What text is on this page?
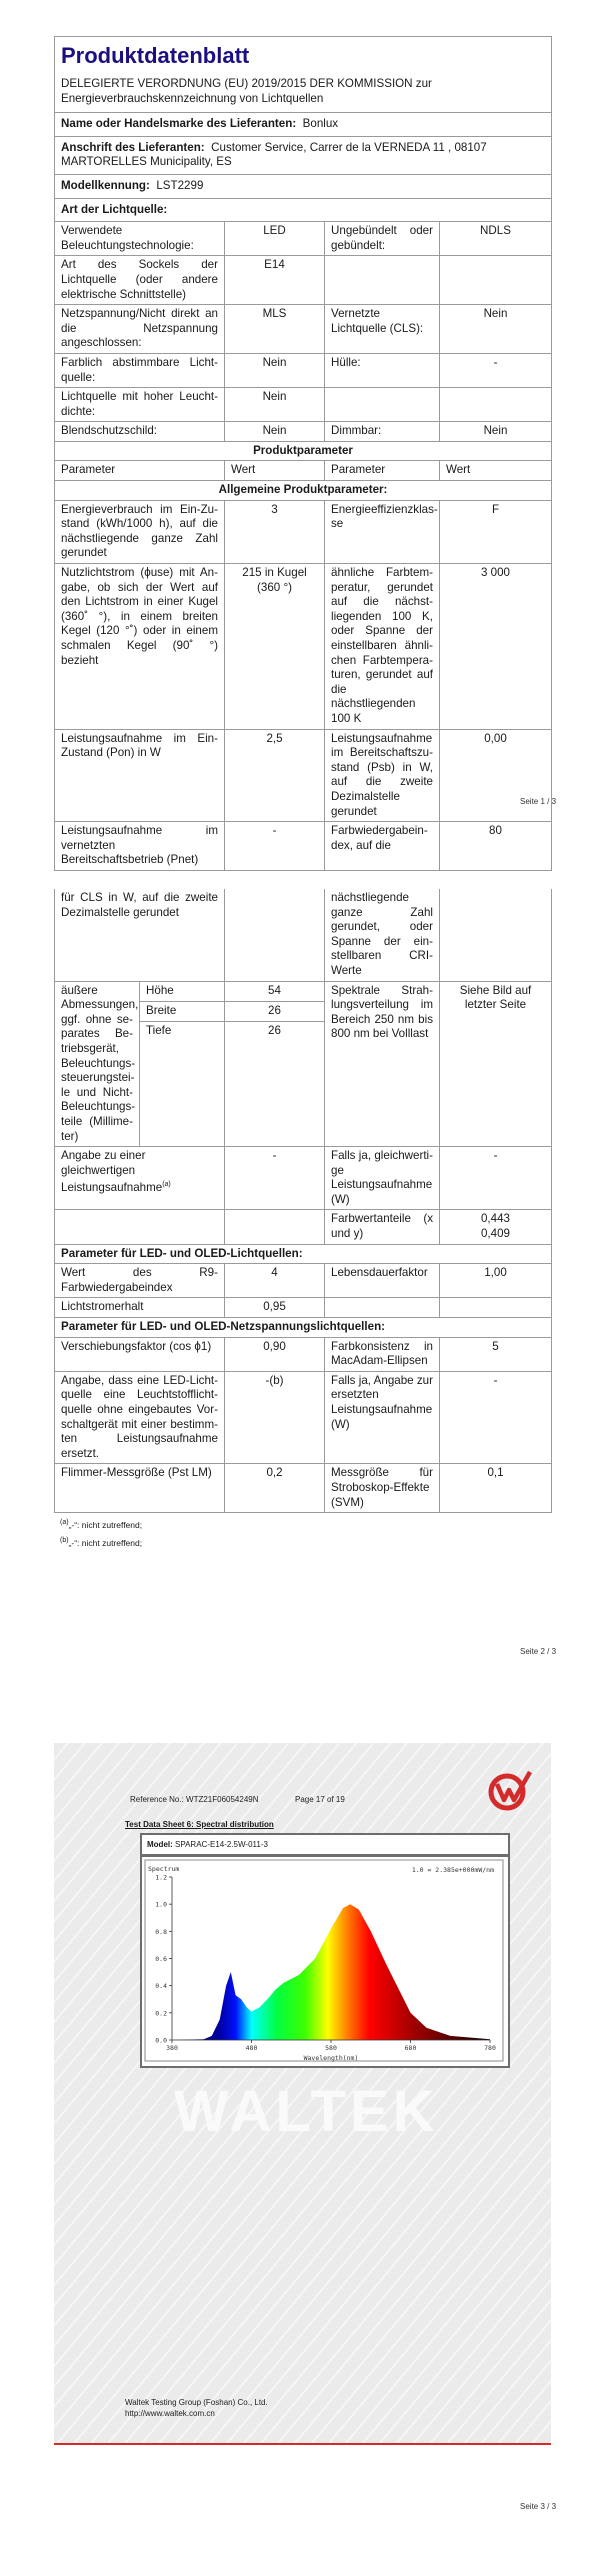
Produktdatenblatt
DELEGIERTE VERORDNUNG (EU) 2019/2015 DER KOMMISSION zur Energieverbrauchskennzeichnung von Lichtquellen			

Name oder Handelsmarke des Lieferanten: Bonlux			
Anschrift des Lieferanten: Customer Service, Carrer de la VERNEDA 11 , 08107 MARTORELLES Municipality, ES			
Modellkennung: LST2299			
Art der Lichtquelle:			
Verwendete Beleuchtungstechnologie:	LED	Ungebündelt oder gebündelt:	NDLS
Art des Sockels der Lichtquelle (oder andere elektrische Schnittstelle)	E14		
Netzspannung/Nicht direkt an die Netzspannung angeschlossen:	MLS	Vernetzte Lichtquelle (CLS):	Nein
Farblich abstimmbare Lichtquelle:	Nein	Hülle:	-
Lichtquelle mit hoher Leuchtdichte:	Nein		
Blendschutzschild:	Nein	Dimmbar:	Nein
Produktparameter			
Parameter	Wert	Parameter	Wert
Allgemeine Produktparameter:			
Energieverbrauch im Ein-Zustand (kWh/1000 h), auf die nächstliegende ganze Zahl gerundet	3	Energieeffizienzklasse	F
Nutzlichtstrom (ϕuse) mit Angabe, ob sich der Wert auf den Lichtstrom in einer Kugel (360˚ °), in einem breiten Kegel (120 °˚) oder in einem schmalen Kegel (90˚ °) bezieht	215 in Kugel (360 °)	ähnliche Farbtemperatur, gerundet auf die nächstliegenden 100 K, oder Spanne der einstellbaren ähnlichen Farbtemperaturen, gerundet auf die nächstliegenden 100 K	3 000
Leistungsaufnahme im Ein-Zustand (Pon) in W	2,5	Leistungsaufnahme im Bereitschaftszustand (Psb) in W, auf die zweite Dezimalstelle gerundet	0,00
Leistungsaufnahme im vernetzten Bereitschaftsbetrieb (Pnet)	-	Farbwiedergabeindex, auf die	80
Seite 1 / 3
für CLS in W, auf die zweite Dezimalstelle gerundet			nächstliegende ganze Zahl gerundet, oder Spanne der einstellbaren CRI-Werte	
äußere Abmessungen, ggf. ohne separates Betriebsgerät, Beleuchtungssteuerungsteile und Nicht-Beleuchtungsteile (Millimeter)	Höhe	54	Spektrale Strahlungsverteilung im Bereich 250 nm bis 800 nm bei Volllast	Siehe Bild auf letzter Seite
	Breite	26		
	Tiefe	26		
Angabe zu einer gleichwertigen Leistungsaufnahme$^{(a)}$		-	Falls ja, gleichwertige Leistungsaufnahme (W)	-
			Farbwertanteile (x und y)	0,443
0,409

Parameter für LED- und OLED-Lichtquellen:				
Wert des R9-Farbwiedergabeindex		4	Lebensdauerfaktor	1,00
Lichtstromerhalt		0,95		
Parameter für LED- und OLED-Netzspannungslichtquellen:				
Verschiebungsfaktor (cos ϕ1)		0,90	Farbkonsistenz in MacAdam-Ellipsen	5
Angabe, dass eine LED-Lichtquelle eine Leuchtstofflichtquelle ohne eingebautes Vorschaltgerät mit einer bestimmten Leistungsaufnahme ersetzt.		-(b)	Falls ja, Angabe zur ersetzten Leistungsaufnahme (W)	-
Flimmer-Messgröße (Pst LM)		0,2	Messgröße für Stroboskop-Effekte (SVM)	0,1
$^{(a)}$„-“: nicht zutreffend;
$^{(b)}$„-“: nicht zutreffend;
Seite 2 / 3
WALTEK
Reference No.: WTZ21F06054249N	Page 17 of 19
Test Data Sheet 6: Spectral distribution
Model: SPARAC-E14-2.5W-011-3
0.0
0.2
0.4
0.6
0.8
1.0
1.2
380	480	580	680	780
Spectrum	1.0 = 2.385e+000mW/nm
Wavelength(nm)
Waltek Testing Group (Foshan) Co., Ltd.
http://www.waltek.com.cn
Seite 3 / 3
